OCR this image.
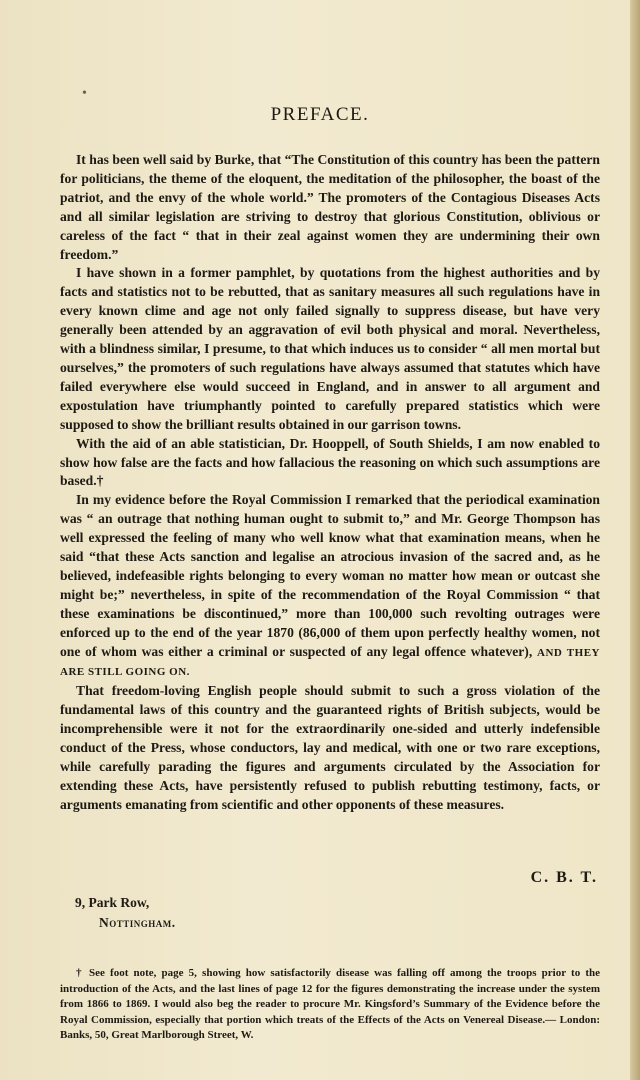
•
PREFACE.

It has been well said by Burke, that “The Constitution of this country has been the pattern for politicians, the theme of the eloquent, the meditation of the philosopher, the boast of the patriot, and the envy of the whole world.” The promoters of the Contagious Diseases Acts and all similar legislation are striving to destroy that glorious Constitution, oblivious or careless of the fact “ that in their zeal against women they are undermining their own freedom.”

I have shown in a former pamphlet, by quotations from the highest authorities and by facts and statistics not to be rebutted, that as sanitary measures all such regulations have in every known clime and age not only failed signally to suppress disease, but have very generally been attended by an aggravation of evil both physical and moral. Nevertheless, with a blindness similar, I presume, to that which induces us to consider “ all men mortal but ourselves,” the promoters of such regulations have always assumed that statutes which have failed everywhere else would succeed in England, and in answer to all argument and expostulation have triumphantly pointed to carefully prepared statistics which were supposed to show the brilliant results obtained in our garrison towns.

With the aid of an able statistician, Dr. Hooppell, of South Shields, I am now enabled to show how false are the facts and how fallacious the reasoning on which such assumptions are based.†

In my evidence before the Royal Commission I remarked that the periodical examination was “ an outrage that nothing human ought to submit to,” and Mr. George Thompson has well expressed the feeling of many who well know what that examination means, when he said “that these Acts sanction and legalise an atrocious invasion of the sacred and, as he believed, indefeasible rights belonging to every woman no matter how mean or outcast she might be;” nevertheless, in spite of the recommendation of the Royal Commission “ that these examinations be discontinued,” more than 100,000 such revolting outrages were enforced up to the end of the year 1870 (86,000 of them upon perfectly healthy women, not one of whom was either a criminal or suspected of any legal offence whatever), AND THEY ARE STILL GOING ON.

That freedom-loving English people should submit to such a gross violation of the fundamental laws of this country and the guaranteed rights of British subjects, would be incomprehensible were it not for the extraordinarily one-sided and utterly indefensible conduct of the Press, whose conductors, lay and medical, with one or two rare exceptions, while carefully parading the figures and arguments circulated by the Association for extending these Acts, have persistently refused to publish rebutting testimony, facts, or arguments emanating from scientific and other opponents of these measures.

C. B. T.
9, Park Row,
Nottingham.
† See foot note, page 5, showing how satisfactorily disease was falling off among the troops prior to the introduction of the Acts, and the last lines of page 12 for the figures demonstrating the increase under the system from 1866 to 1869. I would also beg the reader to procure Mr. Kingsford’s Summary of the Evidence before the Royal Commission, especially that portion which treats of the Effects of the Acts on Venereal Disease.— London: Banks, 50, Great Marlborough Street, W.
